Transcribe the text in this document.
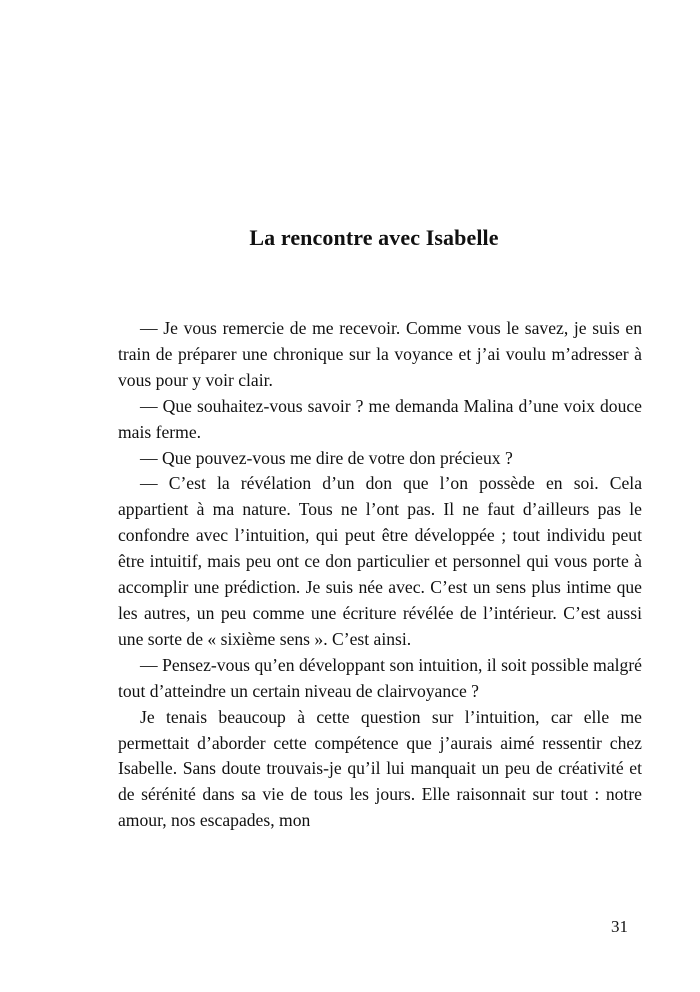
La rencontre avec Isabelle

— Je vous remercie de me recevoir. Comme vous le savez, je suis en train de préparer une chronique sur la voyance et j’ai voulu m’adresser à vous pour y voir clair.

— Que souhaitez-vous savoir ? me demanda Malina d’une voix douce mais ferme.

— Que pouvez-vous me dire de votre don précieux ?

— C’est la révélation d’un don que l’on possède en soi. Cela appartient à ma nature. Tous ne l’ont pas. Il ne faut d’ailleurs pas le confondre avec l’intuition, qui peut être développée ; tout individu peut être intuitif, mais peu ont ce don particulier et personnel qui vous porte à accomplir une prédiction. Je suis née avec. C’est un sens plus intime que les autres, un peu comme une écriture révélée de l’intérieur. C’est aussi une sorte de « sixième sens ». C’est ainsi.

— Pensez-vous qu’en développant son intuition, il soit possible malgré tout d’atteindre un certain niveau de clairvoyance ?

Je tenais beaucoup à cette question sur l’intuition, car elle me permettait d’aborder cette compétence que j’aurais aimé ressentir chez Isabelle. Sans doute trouvais-je qu’il lui manquait un peu de créativité et de sérénité dans sa vie de tous les jours. Elle raisonnait sur tout : notre amour, nos escapades, mon

31
